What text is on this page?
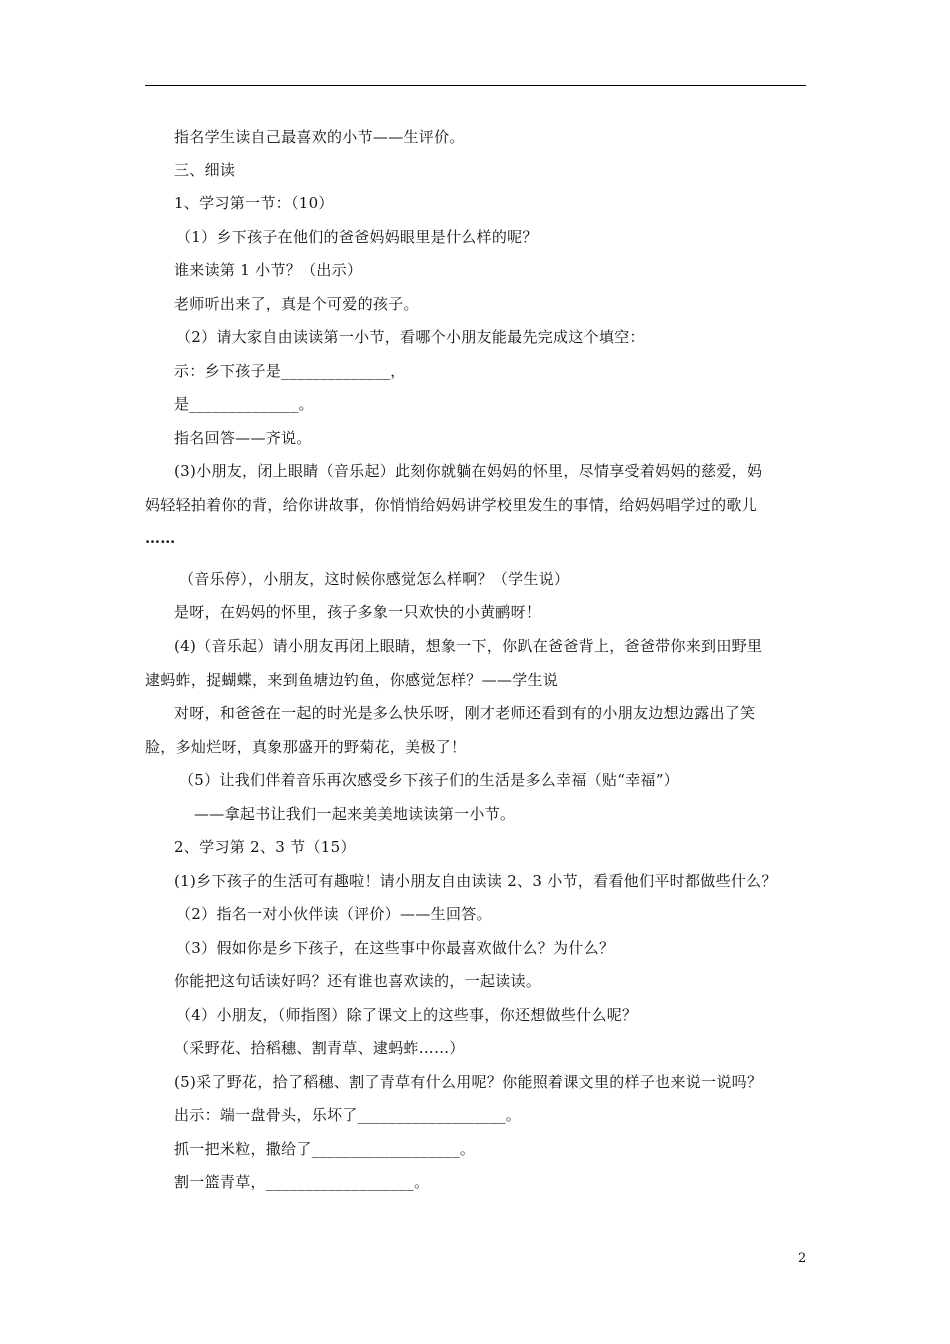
指名学生读自己最喜欢的小节——生评价。
三、细读
1、学习第一节：（10）
（1）乡下孩子在他们的爸爸妈妈眼里是什么样的呢？
谁来读第 1 小节？（出示）
老师听出来了，真是个可爱的孩子。
（2）请大家自由读读第一小节，看哪个小朋友能最先完成这个填空：
示：乡下孩子是______________，
是______________。
指名回答——齐说。
(3)小朋友，闭上眼睛（音乐起）此刻你就躺在妈妈的怀里，尽情享受着妈妈的慈爱，妈
妈轻轻拍着你的背，给你讲故事，你悄悄给妈妈讲学校里发生的事情，给妈妈唱学过的歌儿
……
（音乐停），小朋友，这时候你感觉怎么样啊？（学生说）
是呀，在妈妈的怀里，孩子多象一只欢快的小黄鹂呀！
(4)（音乐起）请小朋友再闭上眼睛，想象一下，你趴在爸爸背上，爸爸带你来到田野里
逮蚂蚱，捉蝴蝶，来到鱼塘边钓鱼，你感觉怎样？——学生说
对呀，和爸爸在一起的时光是多么快乐呀，刚才老师还看到有的小朋友边想边露出了笑
脸，多灿烂呀，真象那盛开的野菊花，美极了！
（5）让我们伴着音乐再次感受乡下孩子们的生活是多么幸福（贴“幸福”）
——拿起书让我们一起来美美地读读第一小节。
2、学习第 2、3 节（15）
(1)乡下孩子的生活可有趣啦！请小朋友自由读读 2、3 小节，看看他们平时都做些什么？
（2）指名一对小伙伴读（评价）——生回答。
（3）假如你是乡下孩子，在这些事中你最喜欢做什么？为什么？
你能把这句话读好吗？还有谁也喜欢读的，一起读读。
（4）小朋友，（师指图）除了课文上的这些事，你还想做些什么呢？
（采野花、拾稻穗、割青草、逮蚂蚱……）
(5)采了野花，拾了稻穗、割了青草有什么用呢？你能照着课文里的样子也来说一说吗？
出示：端一盘骨头，乐坏了___________________。
抓一把米粒，撒给了___________________。
割一篮青草，___________________。
2
